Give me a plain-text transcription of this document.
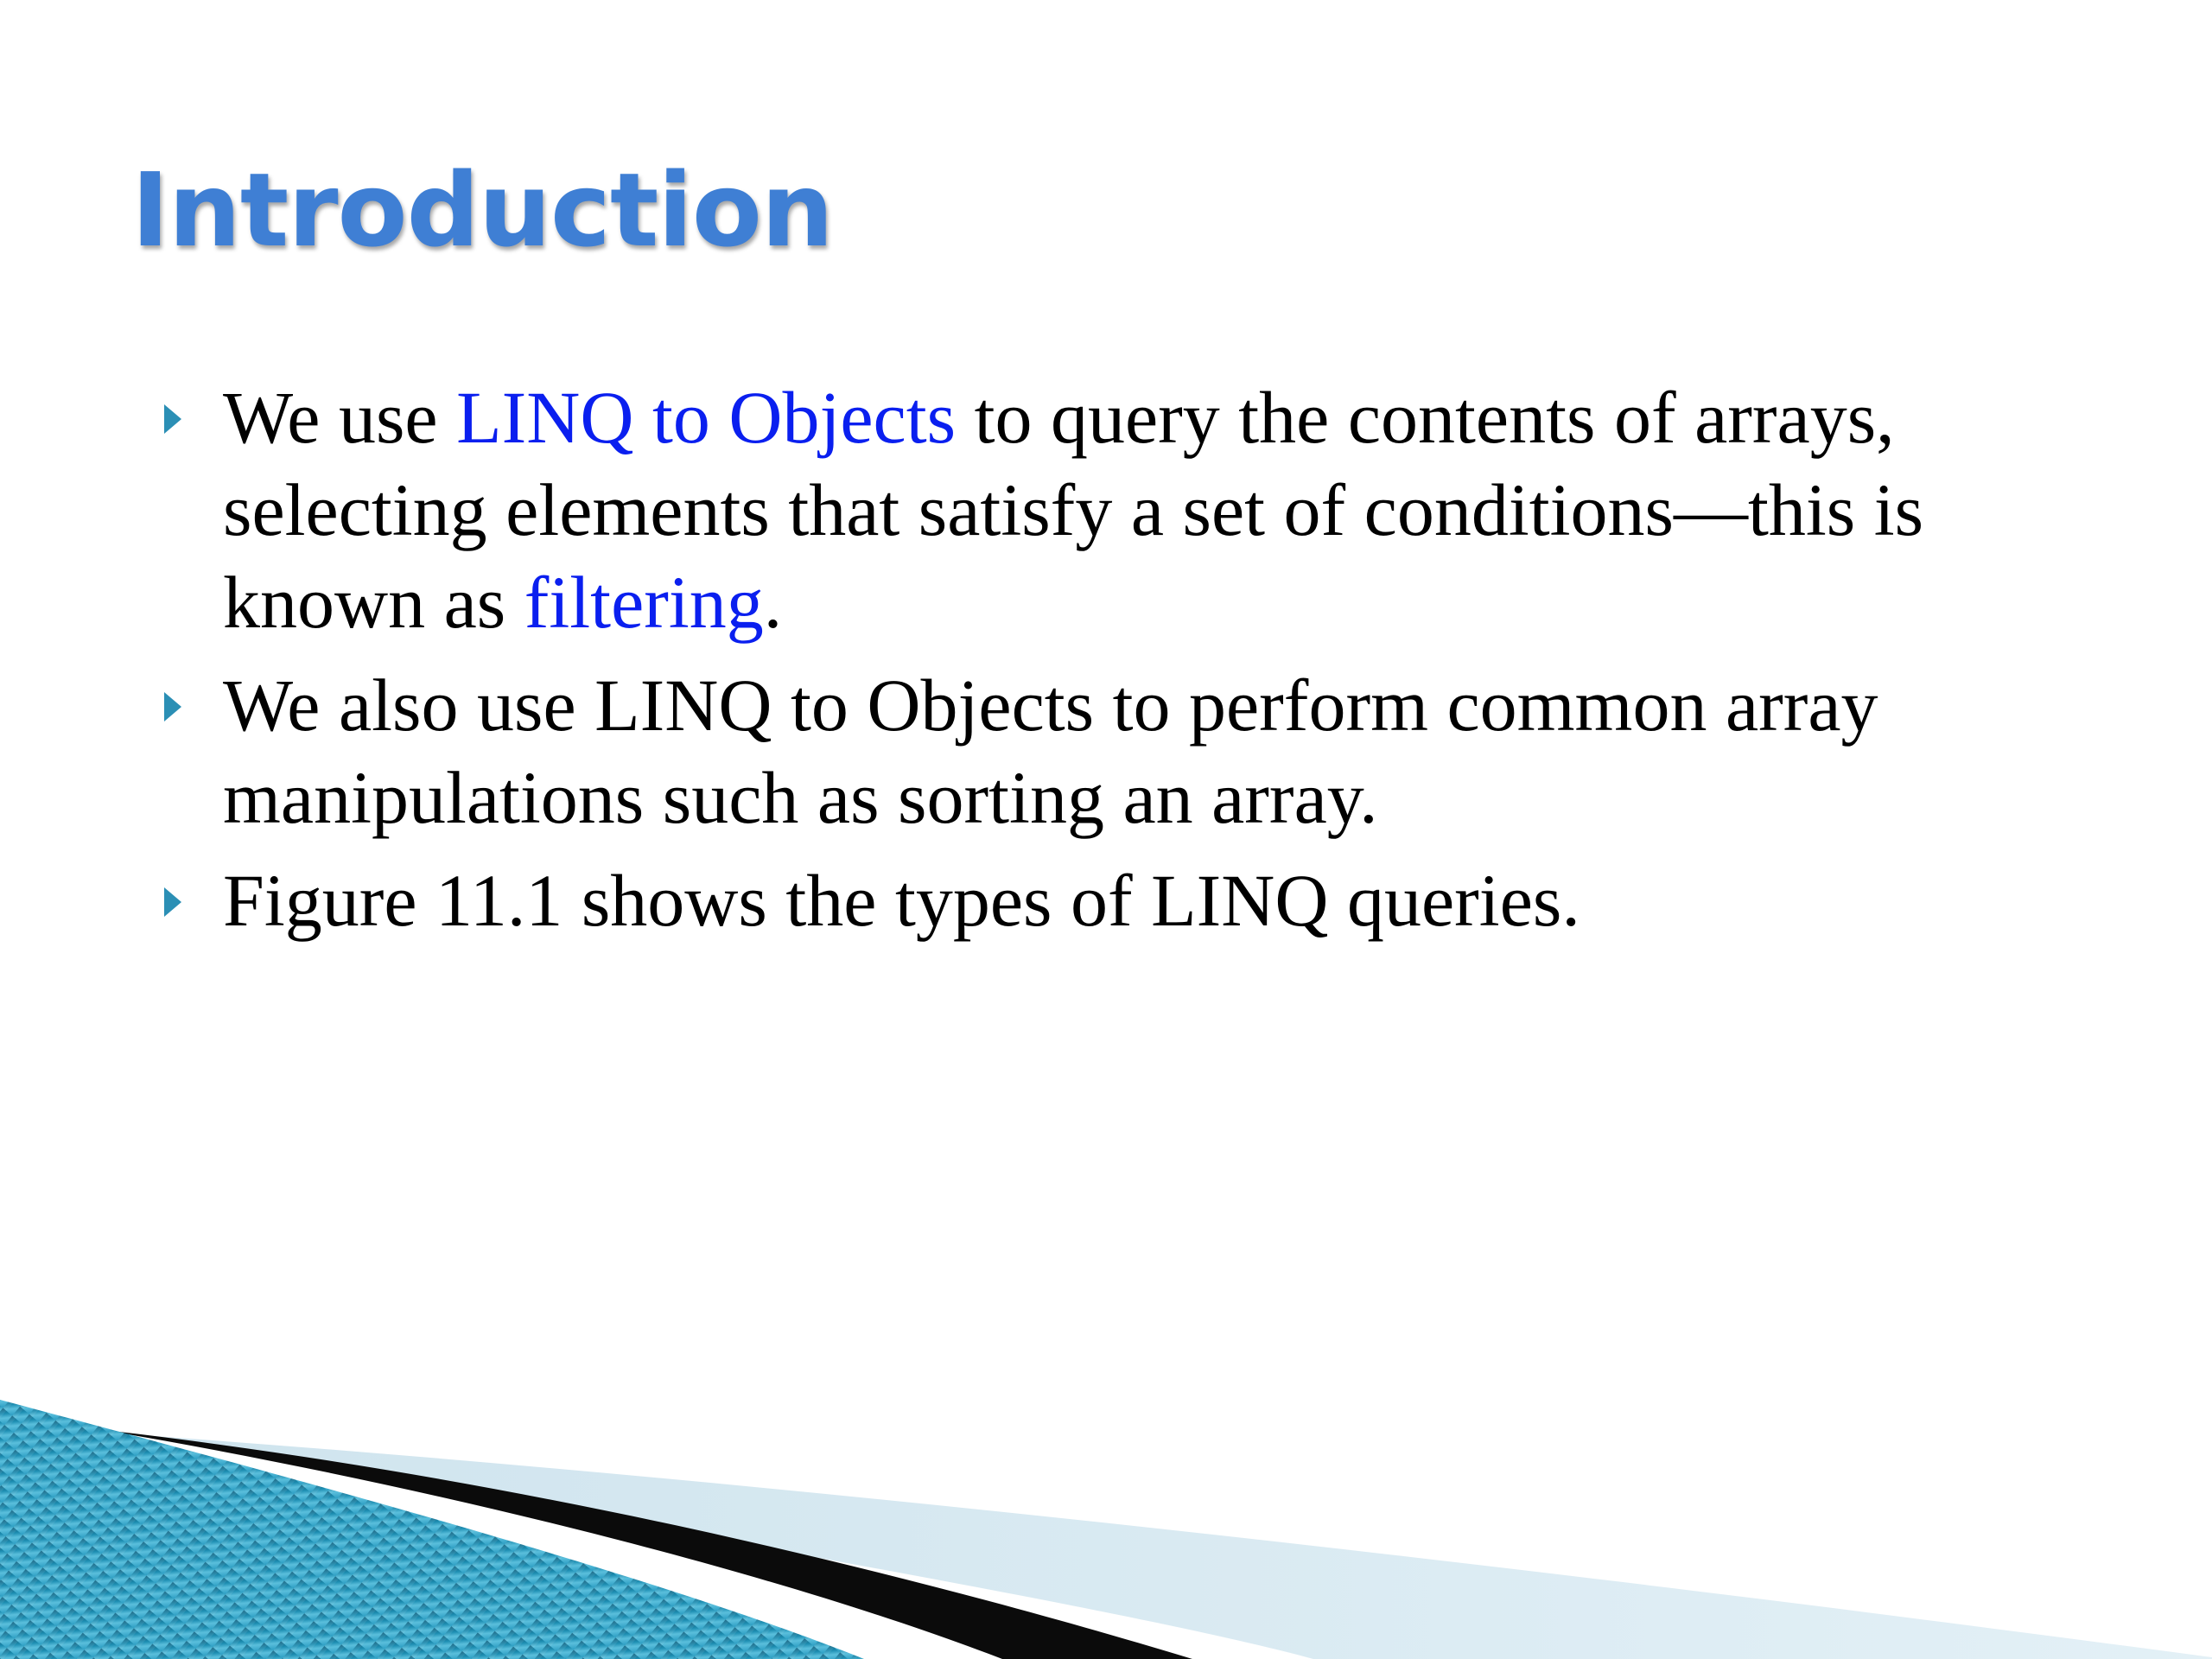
Introduction
We use LINQ to Objects to query the contents of arrays, selecting elements that satisfy a set of conditions—this is known as filtering.
We also use LINQ to Objects to perform common array manipulations such as sorting an array.
Figure 11.1 shows the types of LINQ queries.
